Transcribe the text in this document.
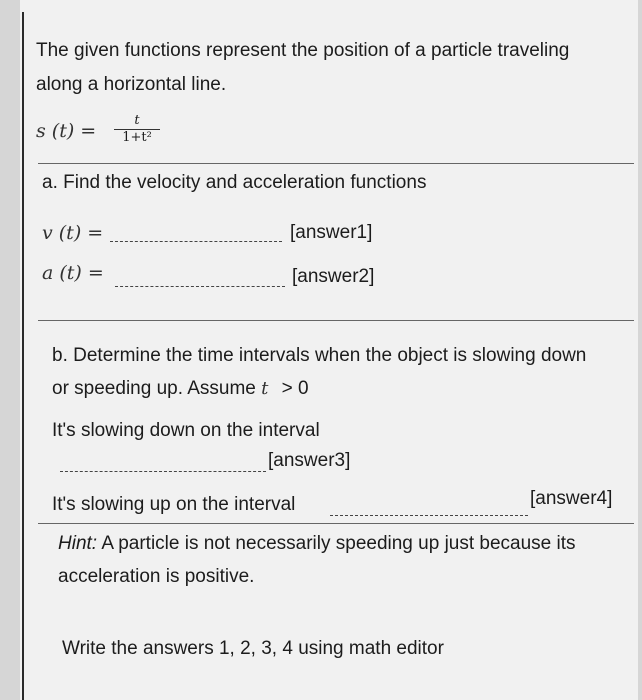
The given functions represent the position of a particle traveling
along a horizontal line.
s (t) =	t
1+t²
a. Find the velocity and acceleration functions
v (t) =	[answer1]
a (t) =	[answer2]
b. Determine the time intervals when the object is slowing down
or speeding up. Assume t > 0
It's slowing down on the interval
[answer3]
It's slowing up on the interval	[answer4]
Hint: A particle is not necessarily speeding up just because its
acceleration is positive.
Write the answers 1, 2, 3, 4 using math editor
